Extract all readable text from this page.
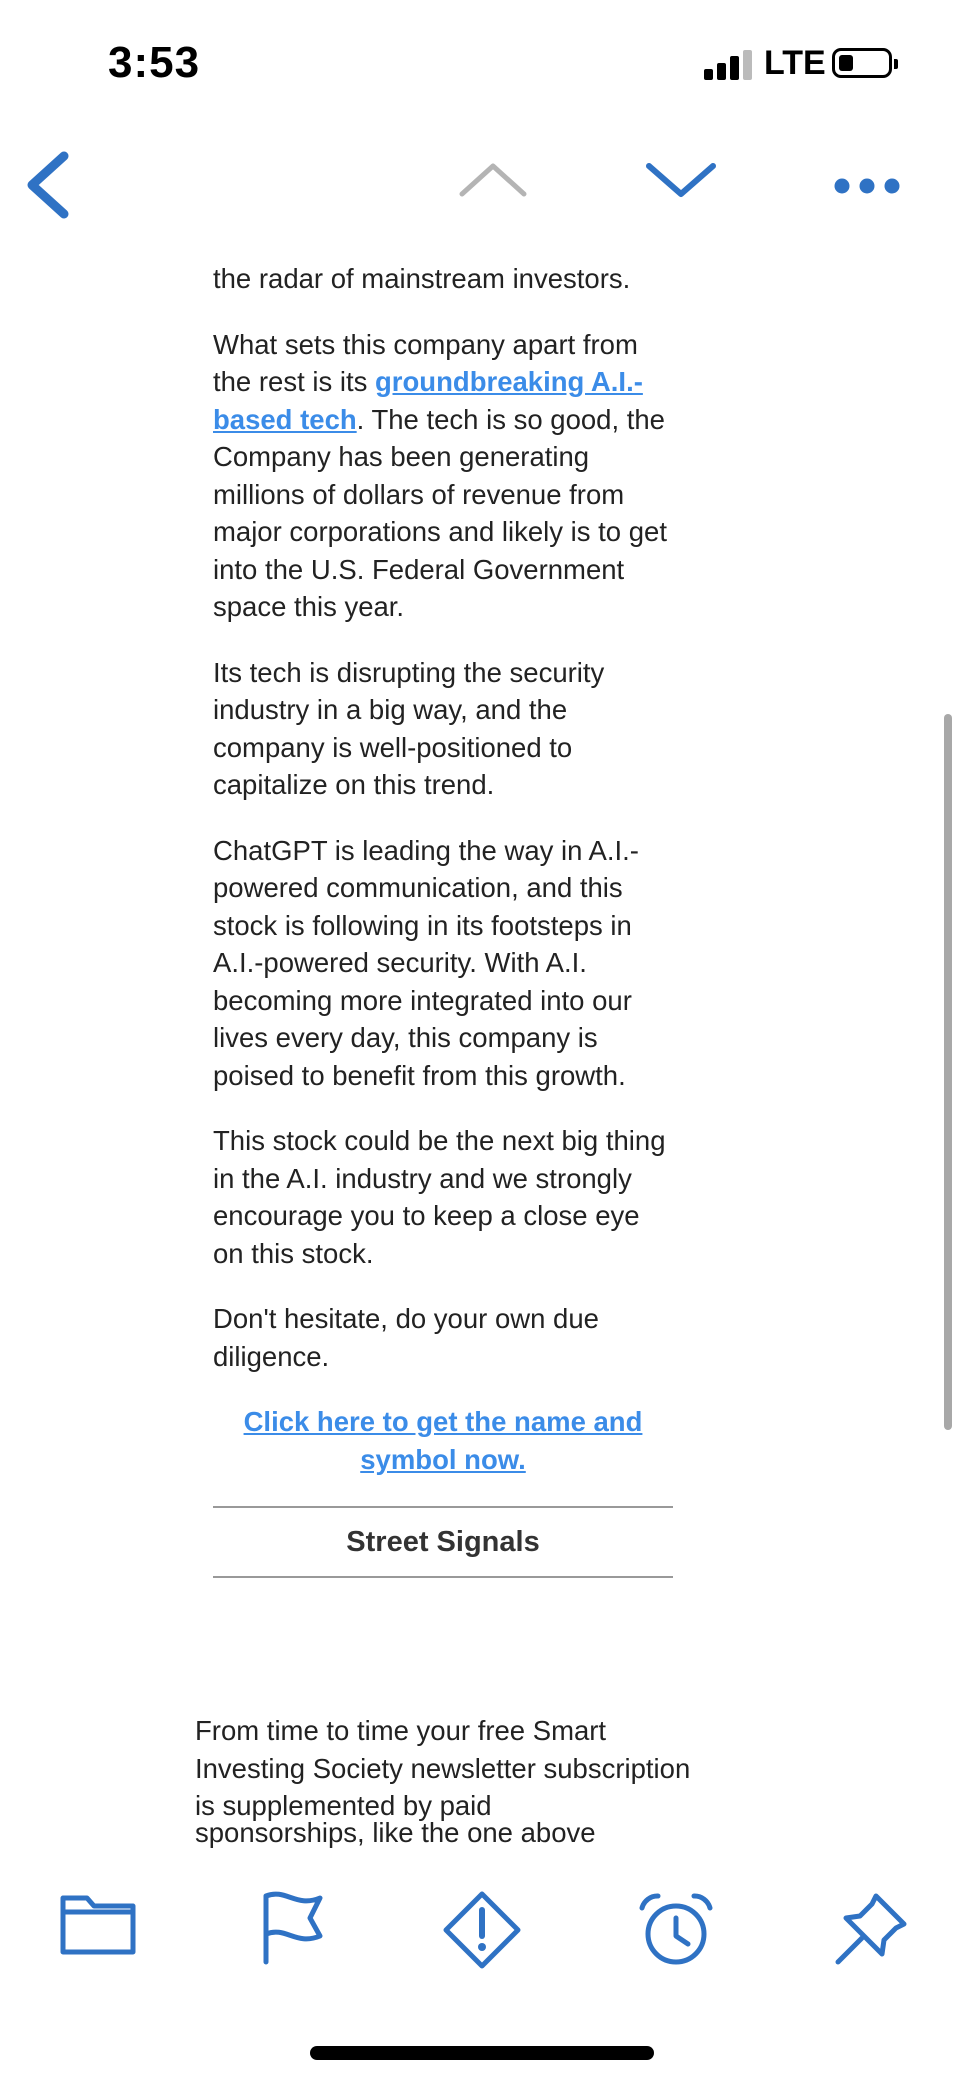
3:53	LTE

the radar of mainstream investors.

What sets this company apart from the rest is its groundbreaking A.I.-based tech. The tech is so good, the Company has been generating millions of dollars of revenue from major corporations and likely is to get into the U.S. Federal Government space this year.

Its tech is disrupting the security industry in a big way, and the company is well-positioned to capitalize on this trend.

ChatGPT is leading the way in A.I.-powered communication, and this stock is following in its footsteps in A.I.-powered security. With A.I. becoming more integrated into our lives every day, this company is poised to benefit from this growth.

This stock could be the next big thing in the A.I. industry and we strongly encourage you to keep a close eye on this stock.

Don't hesitate, do your own due diligence.

Click here to get the name and symbol now.
Street Signals

From time to time your free Smart Investing Society newsletter subscription is supplemented by paid

sponsorships, like the one above
